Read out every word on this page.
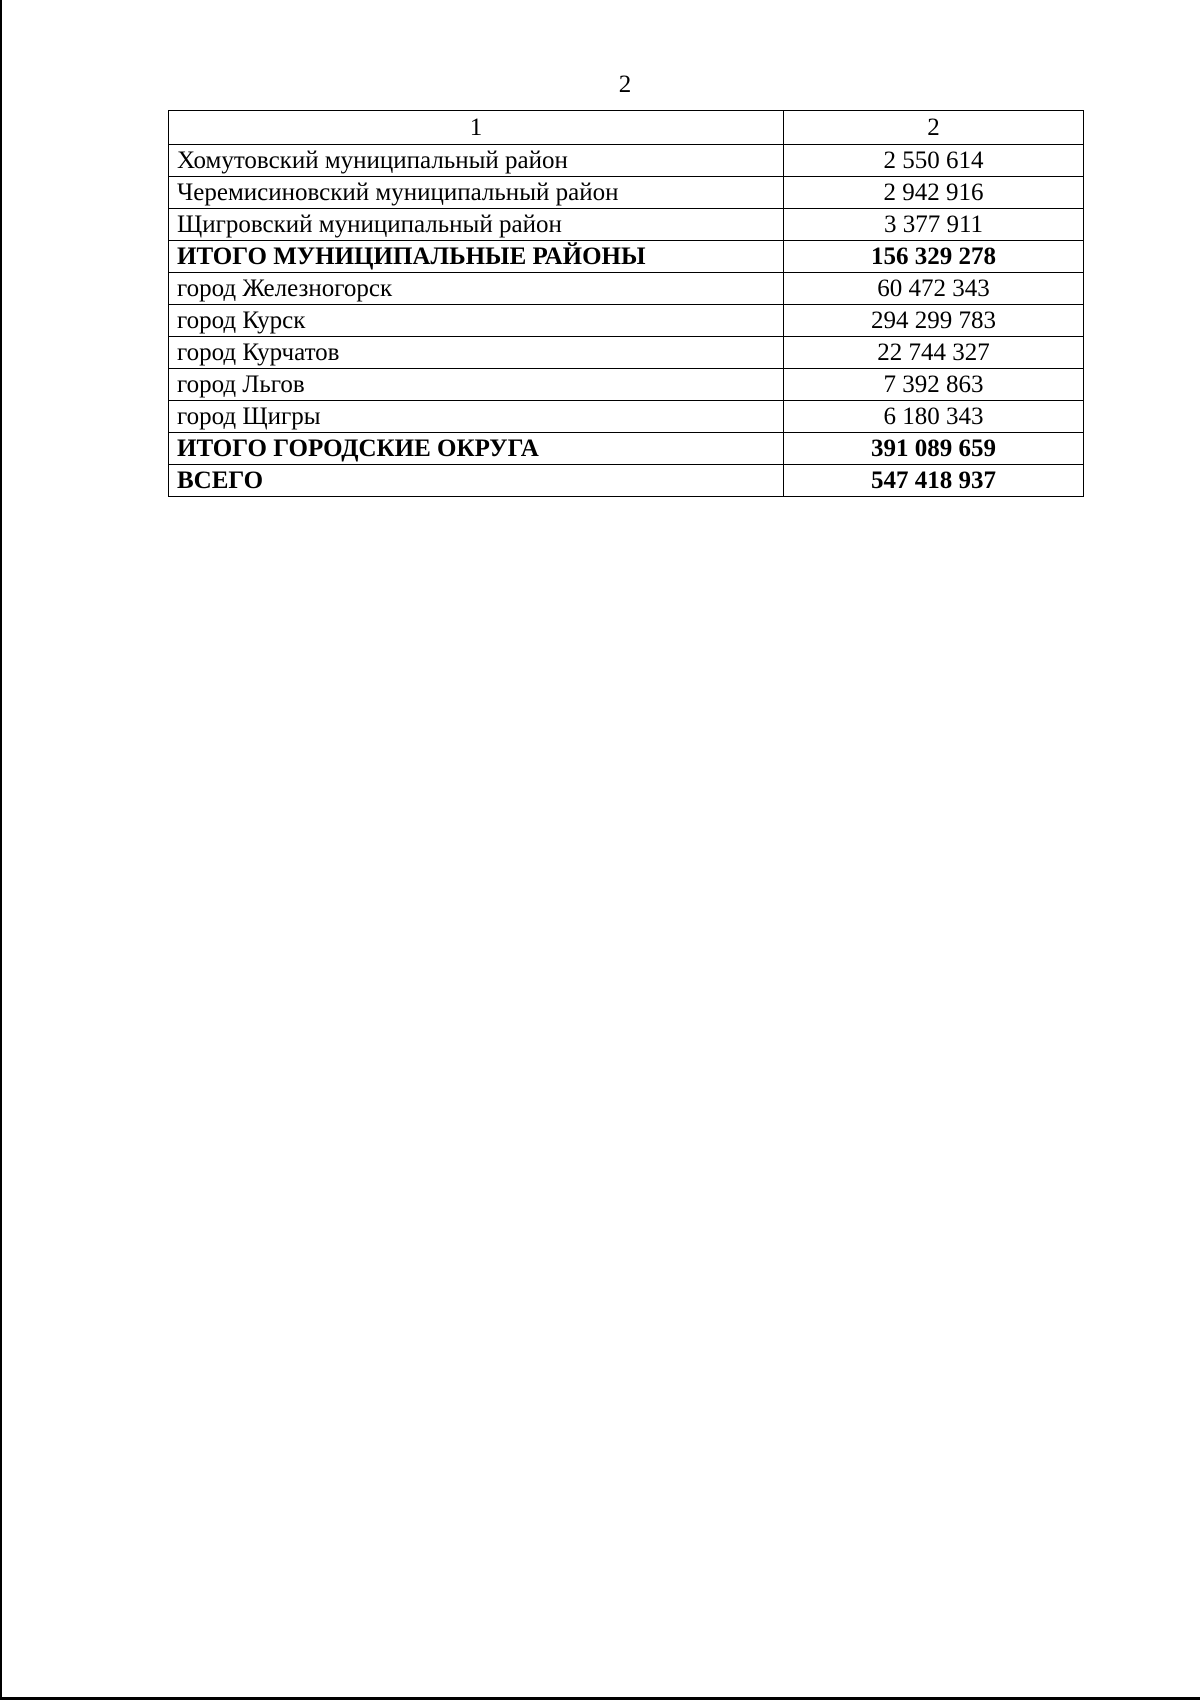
2
1	2
Хомутовский муниципальный район	2 550 614
Черемисиновский муниципальный район	2 942 916
Щигровский муниципальный район	3 377 911
ИТОГО МУНИЦИПАЛЬНЫЕ РАЙОНЫ	156 329 278
город Железногорск	60 472 343
город Курск	294 299 783
город Курчатов	22 744 327
город Льгов	7 392 863
город Щигры	6 180 343
ИТОГО ГОРОДСКИЕ ОКРУГА	391 089 659
ВСЕГО	547 418 937
